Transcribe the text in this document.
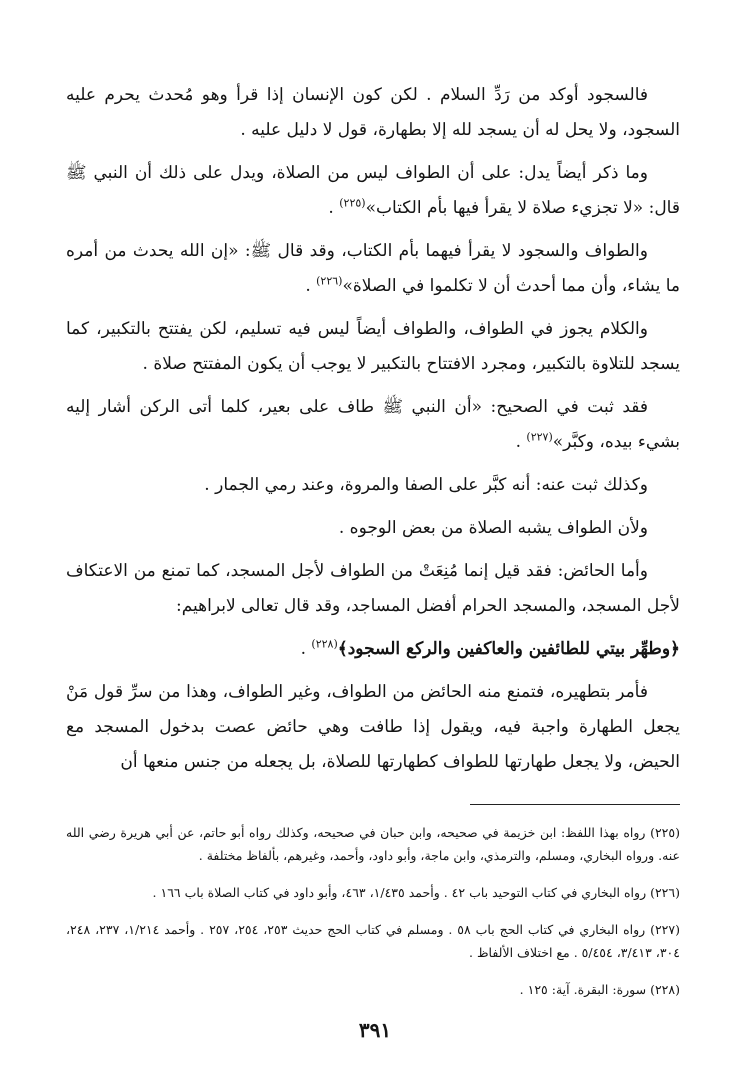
فالسجود أوكد من رَدِّ السلام . لكن كون الإنسان إذا قرأ وهو مُحدث يحرم عليه السجود، ولا يحل له أن يسجد لله إلا بطهارة، قول لا دليل عليه .

وما ذكر أيضاً يدل: على أن الطواف ليس من الصلاة، ويدل على ذلك أن النبي ﷺ قال: «لا تجزيء صلاة لا يقرأ فيها بأم الكتاب»$^{(٢٢٥)}$ .

والطواف والسجود لا يقرأ فيهما بأم الكتاب، وقد قال ﷺ: «إن الله يحدث من أمره ما يشاء، وأن مما أحدث أن لا تكلموا في الصلاة»$^{(٢٢٦)}$ .

والكلام يجوز في الطواف، والطواف أيضاً ليس فيه تسليم، لكن يفتتح بالتكبير، كما يسجد للتلاوة بالتكبير، ومجرد الافتتاح بالتكبير لا يوجب أن يكون المفتتح صلاة .

فقد ثبت في الصحيح: «أن النبي ﷺ طاف على بعير، كلما أتى الركن أشار إليه بشيء بيده، وكبَّر»$^{(٢٢٧)}$ .

وكذلك ثبت عنه: أنه كبَّر على الصفا والمروة، وعند رمي الجمار .

ولأن الطواف يشبه الصلاة من بعض الوجوه .

وأما الحائض: فقد قيل إنما مُنِعَتْ من الطواف لأجل المسجد، كما تمنع من الاعتكاف لأجل المسجد، والمسجد الحرام أفضل المساجد، وقد قال تعالى لابراهيم:

﴿وطهِّر بيتي للطائفين والعاكفين والركع السجود﴾$^{(٢٢٨)}$ .

فأمر بتطهيره، فتمنع منه الحائض من الطواف، وغير الطواف، وهذا من سرِّ قول مَنْ يجعل الطهارة واجبة فيه، ويقول إذا طافت وهي حائض عصت بدخول المسجد مع الحيض، ولا يجعل طهارتها للطواف كطهارتها للصلاة، بل يجعله من جنس منعها أن

(٢٢٥) رواه بهذا اللفظ: ابن خزيمة في صحيحه، وابن حبان في صحيحه، وكذلك رواه أبو حاتم، عن أبي هريرة رضي الله عنه. ورواه البخاري، ومسلم، والترمذي، وابن ماجة، وأبو داود، وأحمد، وغيرهم، بألفاظ مختلفة .

(٢٢٦) رواه البخاري في كتاب التوحيد باب ٤٢ . وأحمد ١/٤٣٥، ٤٦٣، وأبو داود في كتاب الصلاة باب ١٦٦ .

(٢٢٧) رواه البخاري في كتاب الحج باب ٥٨ . ومسلم في كتاب الحج حديث ٢٥٣، ٢٥٤، ٢٥٧ . وأحمد ١/٢١٤، ٢٣٧، ٢٤٨، ٣٠٤، ٣/٤١٣، ٥/٤٥٤ . مع اختلاف الألفاظ .

(٢٢٨) سورة: البقرة. آية: ١٢٥ .

٣٩١
